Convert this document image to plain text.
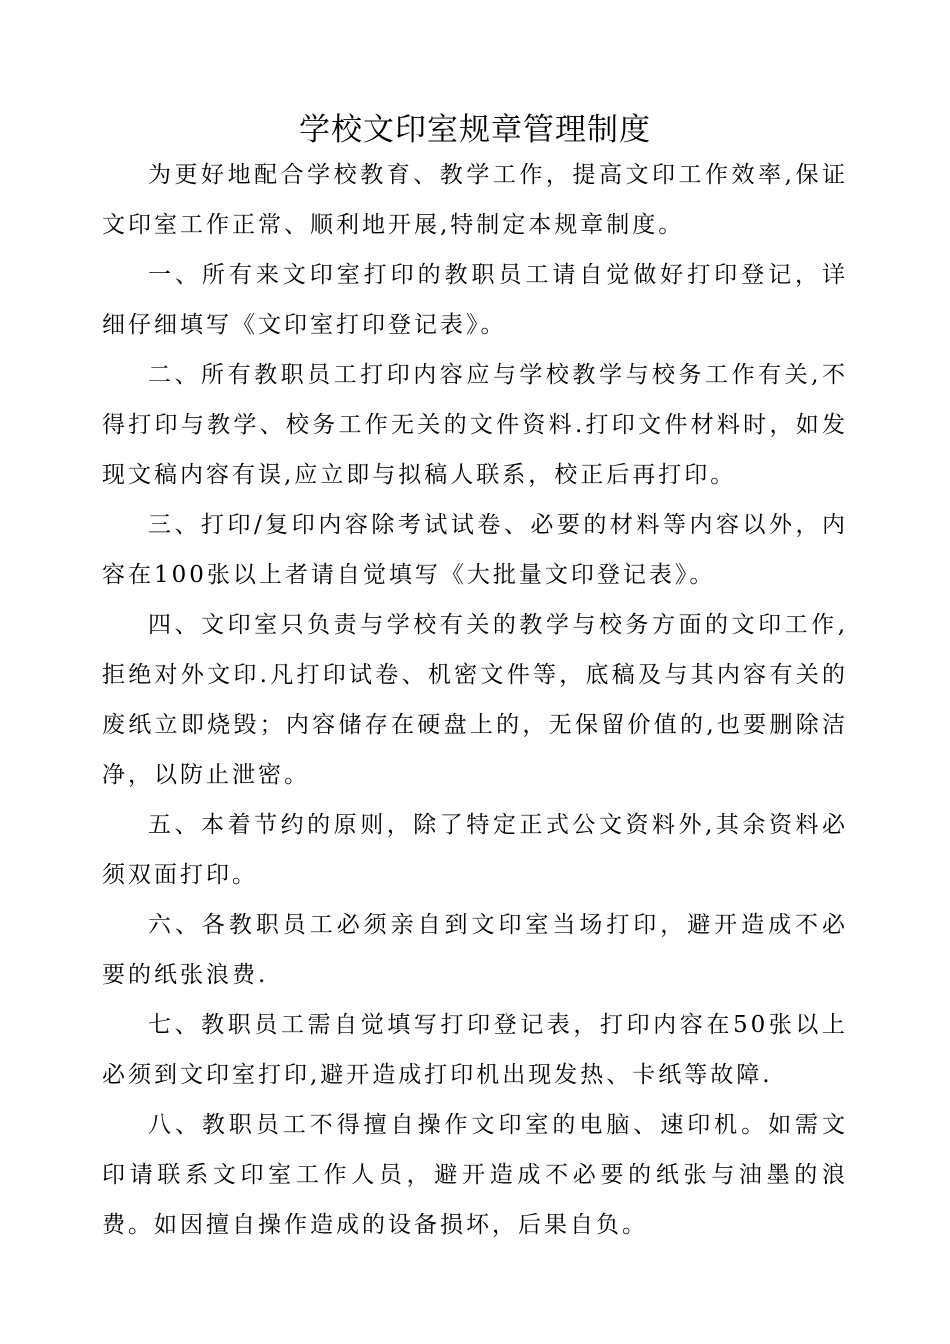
学校文印室规章管理制度

为更好地配合学校教育、教学工作，提高文印工作效率,保证文印室工作正常、顺利地开展,特制定本规章制度。

一、所有来文印室打印的教职员工请自觉做好打印登记，详细仔细填写《文印室打印登记表》。

二、所有教职员工打印内容应与学校教学与校务工作有关,不得打印与教学、校务工作无关的文件资料.打印文件材料时，如发现文稿内容有误,应立即与拟稿人联系，校正后再打印。

三、打印/复印内容除考试试卷、必要的材料等内容以外，内容在100张以上者请自觉填写《大批量文印登记表》。

四、文印室只负责与学校有关的教学与校务方面的文印工作,拒绝对外文印.凡打印试卷、机密文件等，底稿及与其内容有关的废纸立即烧毁；内容储存在硬盘上的，无保留价值的,也要删除洁净，以防止泄密。

五、本着节约的原则，除了特定正式公文资料外,其余资料必须双面打印。

六、各教职员工必须亲自到文印室当场打印，避开造成不必要的纸张浪费.

七、教职员工需自觉填写打印登记表，打印内容在50张以上必须到文印室打印,避开造成打印机出现发热、卡纸等故障.

八、教职员工不得擅自操作文印室的电脑、速印机。如需文印请联系文印室工作人员，避开造成不必要的纸张与油墨的浪费。如因擅自操作造成的设备损坏，后果自负。
